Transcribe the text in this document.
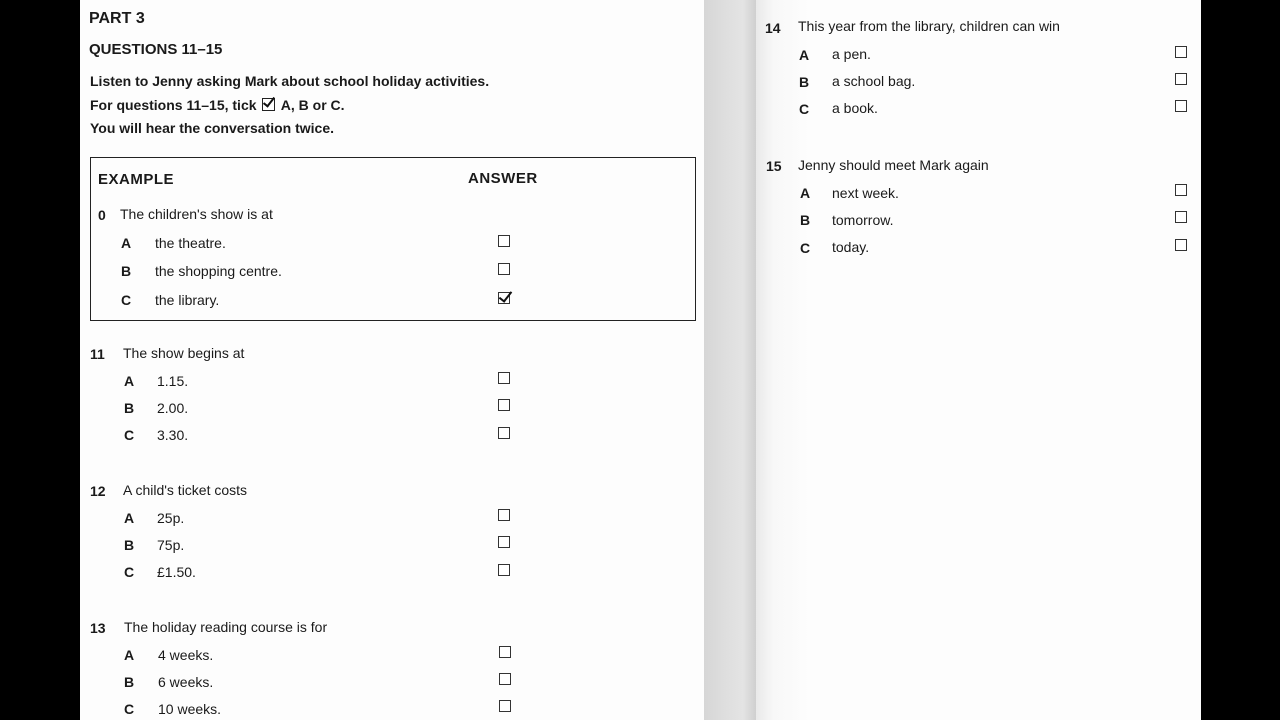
PART 3
QUESTIONS 11–15
Listen to Jenny asking Mark about school holiday activities.
For questions 11–15, tick A, B or C.
You will hear the conversation twice.
EXAMPLE	ANSWER
0 The children's show is at
A the theatre.
B the shopping centre.
C the library.
11 The show begins at
A 1.15.
B 2.00.
C 3.30.
12 A child's ticket costs
A 25p.
B 75p.
C £1.50.
13 The holiday reading course is for
A 4 weeks.
B 6 weeks.
C 10 weeks.
14 This year from the library, children can win
A a pen.
B a school bag.
C a book.
15 Jenny should meet Mark again
A next week.
B tomorrow.
C today.
